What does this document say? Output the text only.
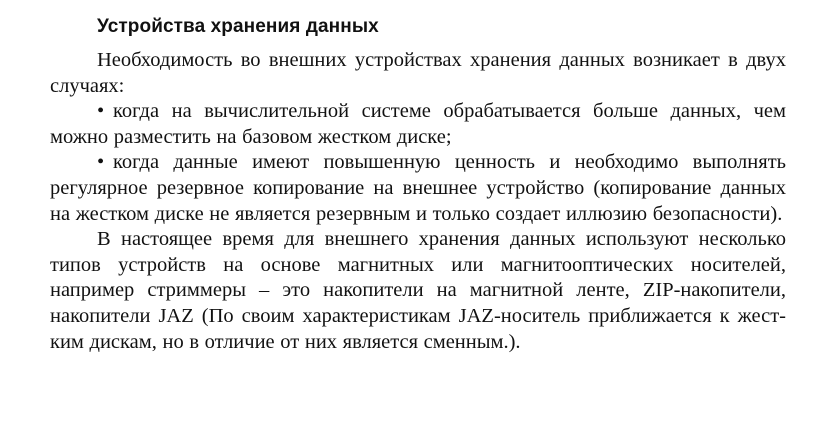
Устройства хранения данных

Необходимость во внешних устройствах хранения данных возникает в двух случаях:

• когда на вычислительной системе обрабатывается больше данных, чем можно разместить на базовом жестком диске;

• когда данные имеют повышенную ценность и необходимо выполнять регулярное резервное копирование на внешнее устройство (копирование данных на жестком диске не является резервным и только создает иллюзию безопасности).

В настоящее время для внешнего хранения данных используют несколько типов устройств на основе магнитных или магнитооптических носителей, например стриммеры – это накопители на магнитной ленте, ZIP-накопители, накопители JAZ (По своим характеристикам JAZ-носитель приближается к жест- ким дискам, но в отличие от них является сменным.).
